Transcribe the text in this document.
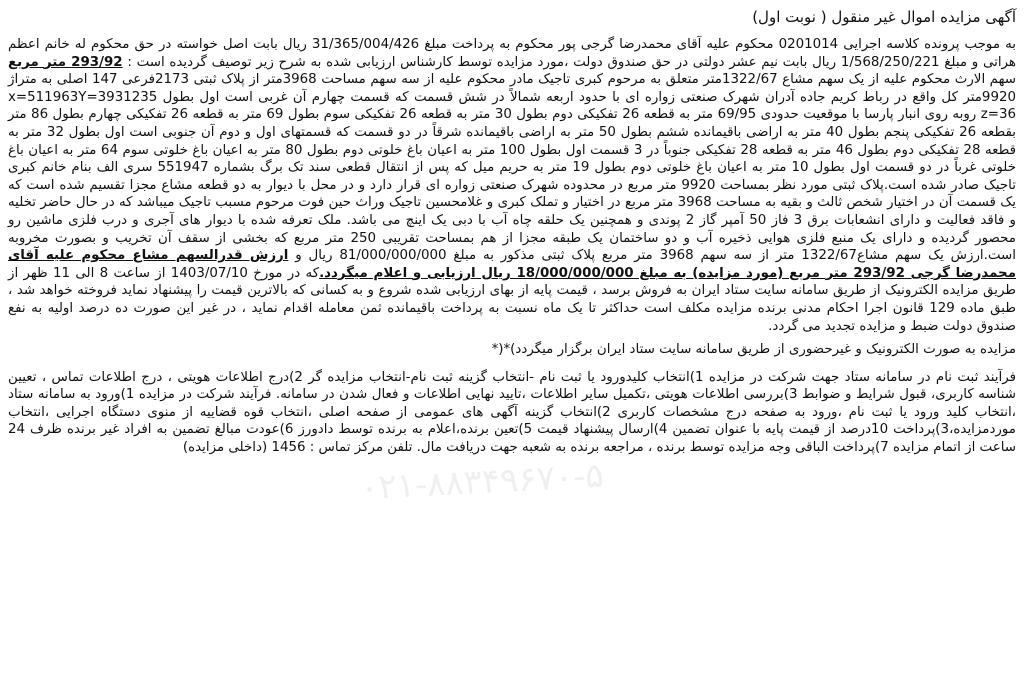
۰۲۱-۸۸۳۴۹۶۷۰-۵
آگهی مزایده اموال غیر منقول ( نوبت اول)

به موجب پرونده کلاسه اجرایی 0201014 محکوم علیه آقای محمدرضا گرجی پور محکوم به پرداخت مبلغ 31/365/004/426 ریال بابت اصل خواسته در حق محکوم له خانم اعظم هراتی و مبلغ 1/568/250/221 ریال بابت نیم عشر دولتی در حق صندوق دولت ،مورد مزایده توسط کارشناس ارزیابی شده به شرح زیر توصیف گردیده است : 293/92 متر مربع سهم الارث محکوم علیه از یک سهم مشاع 1322/67متر متعلق به مرحوم کبری تاجیک مادر محکوم علیه از سه سهم مساحت 3968متر از پلاک ثبتی 2173فرعی 147 اصلی به متراژ 9920متر کل واقع در رباط کریم جاده آدران شهرک صنعتی زواره ای با حدود اربعه شمالاً در شش قسمت که قسمت چهارم آن غربی است اول بطول x=511963Y=3931235 z=36 روبه روی انبار پارسا با موقعیت حدودی 69/95 متر به قطعه 26 تفکیکی دوم بطول 30 متر به قطعه 26 تفکیکی سوم بطول 69 متر به قطعه 26 تفکیکی چهارم بطول 86 متر بقطعه 26 تفکیکی پنجم بطول 40 متر به اراضی باقیمانده ششم بطول 50 متر به اراضی باقیمانده شرقاً در دو قسمت که قسمتهای اول و دوم آن جنوبی است اول بطول 32 متر به قطعه 28 تفکیکی دوم بطول 46 متر به قطعه 28 تفکیکی جنوباً در 3 قسمت اول بطول 100 متر به اعیان باغ خلوتی دوم بطول 80 متر به اعیان باغ خلوتی سوم 64 متر به اعیان باغ خلوتی غرباً در دو قسمت اول بطول 10 متر به اعیان باغ خلوتی دوم بطول 19 متر به حریم میل که پس از انتقال قطعی سند تک برگ بشماره 551947 سری الف بنام خانم کبری تاجیک صادر شده است.پلاک ثبتی مورد نظر بمساحت 9920 متر مربع در محدوده شهرک صنعتی زواره ای قرار دارد و در محل با دیوار به دو قطعه مشاع مجزا تقسیم شده است که یک قسمت آن در اختیار شخص ثالث و بقیه به مساحت 3968 متر مربع در اختیار و تملک کبری و غلامحسین تاجیک وراث حین فوت مرحوم مسبب تاجیک میباشد که در حال حاضر تخلیه و فاقد فعالیت و دارای انشعابات برق 3 فاز 50 آمپر گاز 2 پوندی و همچنین یک حلقه چاه آب با دبی یک اینچ می باشد. ملک تعرفه شده با دیوار های آجری و درب فلزی ماشین رو محصور گردیده و دارای یک منبع فلزی هوایی ذخیره آب و دو ساختمان یک طبقه مجزا از هم بمساحت تقریبی 250 متر مربع که بخشی از سقف آن تخریب و بصورت مخروبه است.ارزش یک سهم مشاع1322/67 متر از سه سهم 3968 متر مربع پلاک ثبتی مذکور به مبلغ 81/000/000/000 ریال و ارزش قدرالسهم مشاع محکوم علیه آقای محمدرضا گرجی 293/92 متر مربع (مورد مزایده) به مبلغ 18/000/000/000 ریال ارزیابی و اعلام میگردد.که در مورخ 1403/07/10 از ساعت 8 الی 11 ظهر از طریق مزایده الکترونیک از طریق سامانه سایت ستاد ایران به فروش برسد ، قیمت پایه از بهای ارزیابی شده شروع و به کسانی که بالاترین قیمت را پیشنهاد نماید فروخته خواهد شد ، طبق ماده 129 قانون اجرا احکام مدنی برنده مزایده مکلف است حداکثر تا یک ماه نسبت به پرداخت باقیمانده ثمن معامله اقدام نماید ، در غیر این صورت ده درصد اولیه به نفع صندوق دولت ضبط و مزایده تجدید می گردد.

مزایده به صورت الکترونیک و غیرحضوری از طریق سامانه سایت ستاد ایران برگزار میگردد)*(*

فرآیند ثبت نام در سامانه ستاد جهت شرکت در مزایده 1)انتخاب کلیدورود یا ثبت نام -انتخاب گزینه ثبت نام-انتخاب مزایده گر 2)درج اطلاعات هویتی ، درج اطلاعات تماس ، تعیین شناسه کاربری، قبول شرایط و ضوابط 3)بررسی اطلاعات هویتی ،تکمیل سایر اطلاعات ،تایید نهایی اطلاعات و فعال شدن در سامانه. فرآیند شرکت در مزایده 1)ورود به سامانه ستاد ،انتخاب کلید ورود یا ثبت نام ،ورود به صفحه درج مشخصات کاربری 2)انتخاب گزینه آگهی های عمومی از صفحه اصلی ،انتخاب قوه قضاییه از منوی دستگاه اجرایی ،انتخاب موردمزایده،3)پرداخت 10درصد از قیمت پایه با عنوان تضمین 4)ارسال پیشنهاد قیمت 5)تعین برنده،اعلام به برنده توسط دادورز 6)عودت مبالغ تضمین به افراد غیر برنده ظرف 24 ساعت از اتمام مزایده 7)پرداخت الباقی وجه مزایده توسط برنده ، مراجعه برنده به شعبه جهت دریافت مال. تلفن مرکز تماس : 1456 (داخلی مزایده)
